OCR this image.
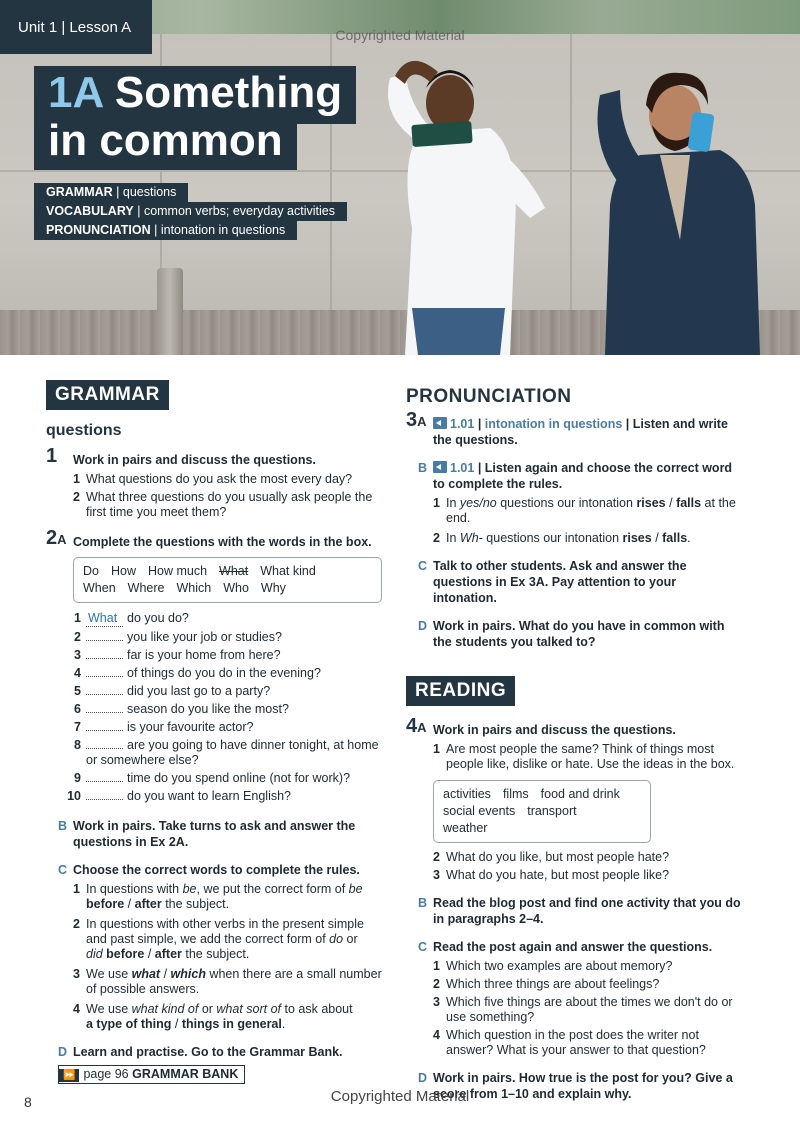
Unit 1 | Lesson A	Copyrighted Material
1A Something
in common
GRAMMAR | questions
VOCABULARY | common verbs; everyday activities
PRONUNCIATION | intonation in questions
GRAMMAR
questions
1 Work in pairs and discuss the questions.
1 What questions do you ask the most every day?
2 What three questions do you usually ask people the first time you meet them?
2A Complete the questions with the words in the box.
Do How How much What What kind
When Where Which Who Why
1 What do you do?
2	you like your job or studies?
3	far is your home from here?
4	of things do you do in the evening?
5	did you last go to a party?
6	season do you like the most?
7	is your favourite actor?
8	are you going to have dinner tonight, at home or somewhere else?
9	time do you spend online (not for work)?
10	do you want to learn English?
B Work in pairs. Take turns to ask and answer the questions in Ex 2A.
C Choose the correct words to complete the rules.
1 In questions with be, we put the correct form of be
before / after the subject.
2 In questions with other verbs in the present simple and past simple, we add the correct form of do or
did before / after the subject.
3 We use what / which when there are a small number of possible answers.
4 We use what kind of or what sort of to ask about
a type of thing / things in general.
D Learn and practise. Go to the Grammar Bank.
⏩ page 96 GRAMMAR BANK
PRONUNCIATION
3A	1.01 | intonation in questions | Listen and write the questions.
B	1.01 | Listen again and choose the correct word to complete the rules.
1 In yes/no questions our intonation rises / falls at the end.
2 In Wh- questions our intonation rises / falls.
C Talk to other students. Ask and answer the questions in Ex 3A. Pay attention to your intonation.
D Work in pairs. What do you have in common with the students you talked to?
READING
4A Work in pairs and discuss the questions.
1 Are most people the same? Think of things most people like, dislike or hate. Use the ideas in the box.
activities films food and drink
social events transportweather
2 What do you like, but most people hate?
3 What do you hate, but most people like?
B Read the blog post and find one activity that you do in paragraphs 2–4.
C Read the post again and answer the questions.
1 Which two examples are about memory?
2 Which three things are about feelings?
3 Which five things are about the times we don't do or use something?
4 Which question in the post does the writer not answer? What is your answer to that question?
D Work in pairs. How true is the post for you? Give a score from 1–10 and explain why.
8	Copyrighted Material
